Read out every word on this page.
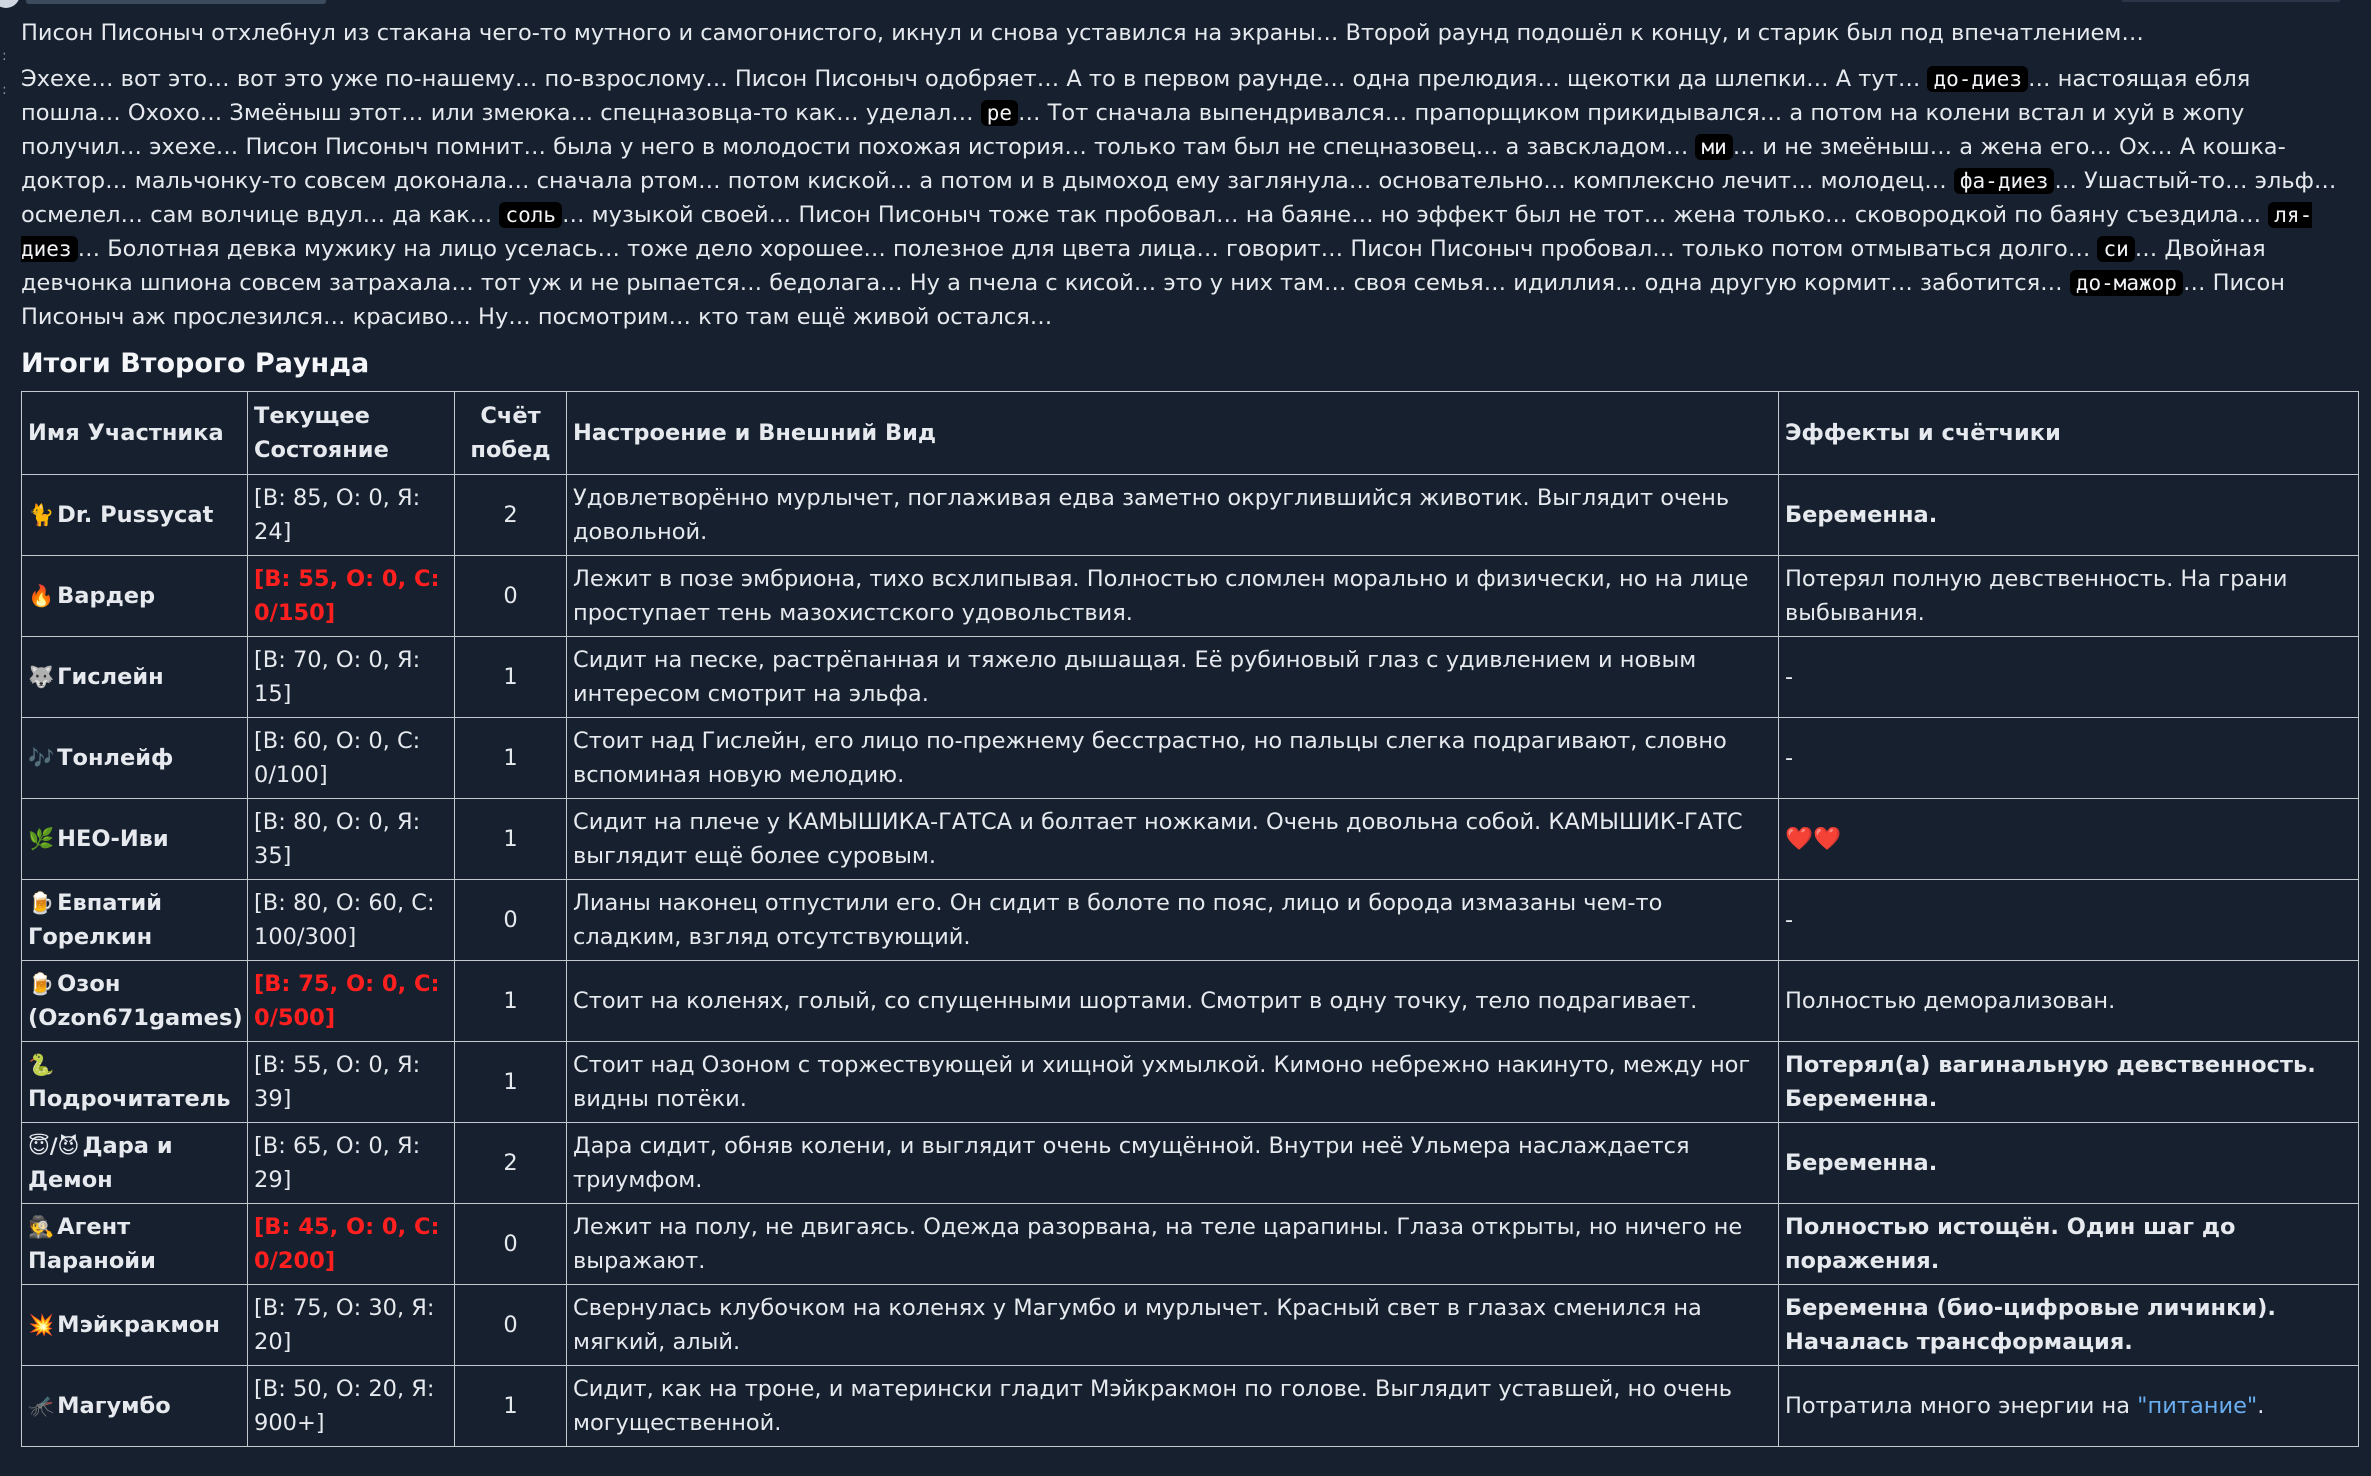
:
:

Писон Писоныч отхлебнул из стакана чего-то мутного и самогонистого, икнул и снова уставился на экраны… Второй раунд подошёл к концу, и старик был под впечатлением…

Эхехе… вот это… вот это уже по-нашему… по-взрослому… Писон Писоныч одобряет… А то в первом раунде… одна прелюдия… щекотки да шлепки… А тут… до-диез … настоящая ебля пошла… Охохо… Змеёныш этот… или змеюка… спецназовца-то как… уделал… ре … Тот сначала выпендривался… прапорщиком прикидывался… а потом на колени встал и хуй в жопу получил… эхехе… Писон Писоныч помнит… была у него в молодости похожая история… только там был не спецназовец… а завскладом… ми … и не змеёныш… а жена его… Ох… А кошка-доктор… мальчонку-то совсем доконала… сначала ртом… потом киской… а потом и в дымоход ему заглянула… основательно… комплексно лечит… молодец… фа-диез … Ушастый-то… эльф… осмелел… сам волчице вдул… да как… соль … музыкой своей… Писон Писоныч тоже так пробовал… на баяне… но эффект был не тот… жена только… сковородкой по баяну съездила… ля-диез … Болотная девка мужику на лицо уселась… тоже дело хорошее… полезное для цвета лица… говорит… Писон Писоныч пробовал… только потом отмываться долго… си … Двойная девчонка шпиона совсем затрахала… тот уж и не рыпается… бедолага… Ну а пчела с кисой… это у них там… своя семья… идиллия… одна другую кормит… заботится… до-мажор … Писон Писоныч аж прослезился… красиво… Ну… посмотрим… кто там ещё живой остался…

Итоги Второго Раунда
Имя Участника	Текущее Состояние	Счёт побед	Настроение и Внешний Вид	Эффекты и счётчики
🐈 Dr. Pussycat	[В: 85, О: 0, Я: 24]	2	Удовлетворённо мурлычет, поглаживая едва заметно округлившийся животик. Выглядит очень довольной.	Беременна.
🔥 Вардер	[В: 55, О: 0, С: 0/150]	0	Лежит в позе эмбриона, тихо всхлипывая. Полностью сломлен морально и физически, но на лице проступает тень мазохистского удовольствия.	Потерял полную девственность. На грани выбывания.
🐺 Гислейн	[В: 70, О: 0, Я: 15]	1	Сидит на песке, растрёпанная и тяжело дышащая. Её рубиновый глаз с удивлением и новым интересом смотрит на эльфа.	-
🎶 Тонлейф	[В: 60, О: 0, С: 0/100]	1	Стоит над Гислейн, его лицо по-прежнему бесстрастно, но пальцы слегка подрагивают, словно вспоминая новую мелодию.	-
🌿 НЕО-Иви	[В: 80, О: 0, Я: 35]	1	Сидит на плече у КАМЫШИКА-ГАТСА и болтает ножками. Очень довольна собой. КАМЫШИК-ГАТС выглядит ещё более суровым.	❤️❤️
🍺 Евпатий Горелкин	[В: 80, О: 60, С: 100/300]	0	Лианы наконец отпустили его. Он сидит в болоте по пояс, лицо и борода измазаны чем-то сладким, взгляд отсутствующий.	-
🍺 Озон (Ozon671games)	[В: 75, О: 0, С: 0/500]	1	Стоит на коленях, голый, со спущенными шортами. Смотрит в одну точку, тело подрагивает.	Полностью деморализован.
🐍Подрочитатель	[В: 55, О: 0, Я: 39]	1	Стоит над Озоном с торжествующей и хищной ухмылкой. Кимоно небрежно накинуто, между ног видны потёки.	Потерял(а) вагинальную девственность. Беременна.
😇/😈 Дара и Демон	[В: 65, О: 0, Я: 29]	2	Дара сидит, обняв колени, и выглядит очень смущённой. Внутри неё Ульмера наслаждается триумфом.	Беременна.
🕵️ Агент Паранойи	[В: 45, О: 0, С: 0/200]	0	Лежит на полу, не двигаясь. Одежда разорвана, на теле царапины. Глаза открыты, но ничего не выражают.	Полностью истощён. Один шаг до поражения.
💥 Мэйкракмон	[В: 75, О: 30, Я: 20]	0	Свернулась клубочком на коленях у Магумбо и мурлычет. Красный свет в глазах сменился на мягкий, алый.	Беременна (био-цифровые личинки). Началась трансформация.
🦟 Магумбо	[В: 50, О: 20, Я: 900+]	1	Сидит, как на троне, и матерински гладит Мэйкракмон по голове. Выглядит уставшей, но очень могущественной.	Потратила много энергии на "питание".
